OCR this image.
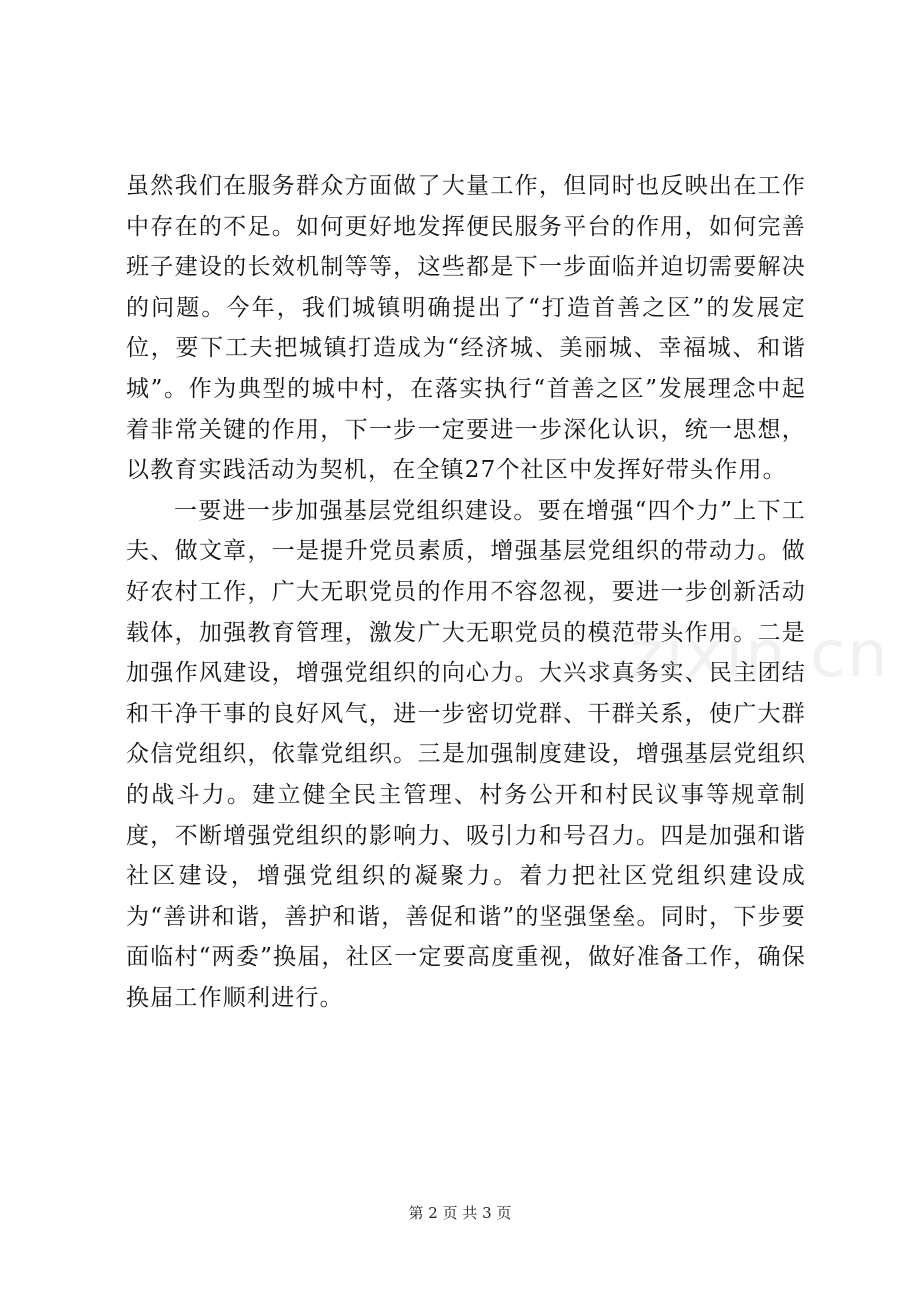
虽然我们在服务群众方面做了大量工作，但同时也反映出在工作中存在的不足。如何更好地发挥便民服务平台的作用，如何完善班子建设的长效机制等等，这些都是下一步面临并迫切需要解决的问题。今年，我们城镇明确提出了“打造首善之区”的发展定位，要下工夫把城镇打造成为“经济城、美丽城、幸福城、和谐城”。作为典型的城中村，在落实执行“首善之区”发展理念中起着非常关键的作用，下一步一定要进一步深化认识，统一思想，以教育实践活动为契机，在全镇27个社区中发挥好带头作用。

一要进一步加强基层党组织建设。要在增强“四个力”上下工夫、做文章，一是提升党员素质，增强基层党组织的带动力。做好农村工作，广大无职党员的作用不容忽视，要进一步创新活动载体，加强教育管理，激发广大无职党员的模范带头作用。二是加强作风建设，增强党组织的向心力。大兴求真务实、民主团结和干净干事的良好风气，进一步密切党群、干群关系，使广大群众信党组织，依靠党组织。三是加强制度建设，增强基层党组织的战斗力。建立健全民主管理、村务公开和村民议事等规章制度，不断增强党组织的影响力、吸引力和号召力。四是加强和谐社区建设，增强党组织的凝聚力。着力把社区党组织建设成为“善讲和谐，善护和谐，善促和谐”的坚强堡垒。同时，下步要面临村“两委”换届，社区一定要高度重视，做好准备工作，确保换届工作顺利进行。

zixin.cn
第 2 页 共 3 页
